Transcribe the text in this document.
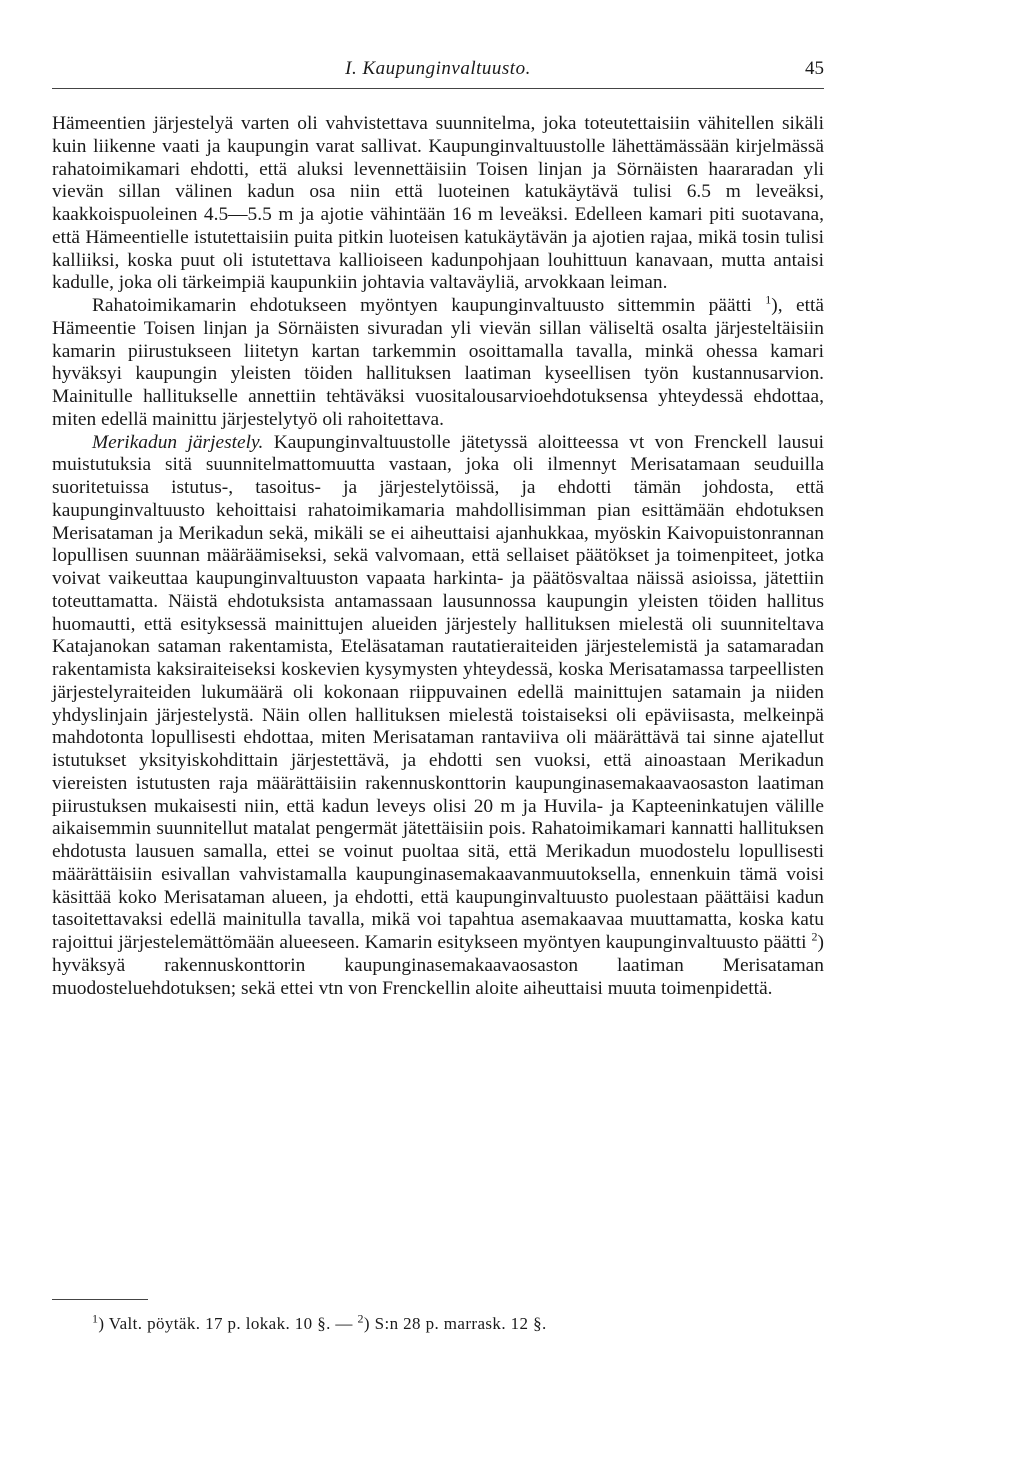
I. Kaupunginvaltuusto.	45

Hämeentien järjestelyä varten oli vahvistettava suunnitelma, joka toteutettaisiin vähitellen sikäli kuin liikenne vaati ja kaupungin varat sallivat. Kaupunginvaltuustolle lähettämässään kirjelmässä rahatoimikamari ehdotti, että aluksi levennettäisiin Toisen linjan ja Sörnäisten haararadan yli vievän sillan välinen kadun osa niin että luoteinen katukäytävä tulisi 6.5 m leveäksi, kaakkoispuoleinen 4.5—5.5 m ja ajotie vähintään 16 m leveäksi. Edelleen kamari piti suotavana, että Hämeentielle istutettaisiin puita pitkin luoteisen katukäytävän ja ajotien rajaa, mikä tosin tulisi kalliiksi, koska puut oli istutettava kallioiseen kadunpohjaan louhittuun kanavaan, mutta antaisi kadulle, joka oli tärkeimpiä kaupunkiin johtavia valtaväyliä, arvokkaan leiman.

Rahatoimikamarin ehdotukseen myöntyen kaupunginvaltuusto sittemmin päätti $^1$), että Hämeentie Toisen linjan ja Sörnäisten sivuradan yli vievän sillan väliseltä osalta järjesteltäisiin kamarin piirustukseen liitetyn kartan tarkemmin osoittamalla tavalla, minkä ohessa kamari hyväksyi kaupungin yleisten töiden hallituksen laatiman kyseellisen työn kustannusarvion. Mainitulle hallitukselle annettiin tehtäväksi vuositalousarvioehdotuksensa yhteydessä ehdottaa, miten edellä mainittu järjestelytyö oli rahoitettava.

Merikadun järjestely. Kaupunginvaltuustolle jätetyssä aloitteessa vt von Frenckell lausui muistutuksia sitä suunnitelmattomuutta vastaan, joka oli ilmennyt Merisatamaan seuduilla suoritetuissa istutus-, tasoitus- ja järjestelytöissä, ja ehdotti tämän johdosta, että kaupunginvaltuusto kehoittaisi rahatoimikamaria mahdollisimman pian esittämään ehdotuksen Merisataman ja Merikadun sekä, mikäli se ei aiheuttaisi ajanhukkaa, myöskin Kaivopuistonrannan lopullisen suunnan määräämiseksi, sekä valvomaan, että sellaiset päätökset ja toimenpiteet, jotka voivat vaikeuttaa kaupunginvaltuuston vapaata harkinta- ja päätösvaltaa näissä asioissa, jätettiin toteuttamatta. Näistä ehdotuksista antamassaan lausunnossa kaupungin yleisten töiden hallitus huomautti, että esityksessä mainittujen alueiden järjestely hallituksen mielestä oli suunniteltava Katajanokan sataman rakentamista, Eteläsataman rautatieraiteiden järjestelemistä ja satamaradan rakentamista kaksiraiteiseksi koskevien kysymysten yhteydessä, koska Merisatamassa tarpeellisten järjestelyraiteiden lukumäärä oli kokonaan riippuvainen edellä mainittujen satamain ja niiden yhdyslinjain järjestelystä. Näin ollen hallituksen mielestä toistaiseksi oli epäviisasta, melkeinpä mahdotonta lopullisesti ehdottaa, miten Merisataman rantaviiva oli määrättävä tai sinne ajatellut istutukset yksityiskohdittain järjestettävä, ja ehdotti sen vuoksi, että ainoastaan Merikadun viereisten istutusten raja määrättäisiin rakennuskonttorin kaupunginasemakaavaosaston laatiman piirustuksen mukaisesti niin, että kadun leveys olisi 20 m ja Huvila- ja Kapteeninkatujen välille aikaisemmin suunnitellut matalat pengermät jätettäisiin pois. Rahatoimikamari kannatti hallituksen ehdotusta lausuen samalla, ettei se voinut puoltaa sitä, että Merikadun muodostelu lopullisesti määrättäisiin esivallan vahvistamalla kaupunginasemakaavanmuutoksella, ennenkuin tämä voisi käsittää koko Merisataman alueen, ja ehdotti, että kaupunginvaltuusto puolestaan päättäisi kadun tasoitettavaksi edellä mainitulla tavalla, mikä voi tapahtua asemakaavaa muuttamatta, koska katu rajoittui järjestelemättömään alueeseen. Kamarin esitykseen myöntyen kaupunginvaltuusto päätti $^2$) hyväksyä rakennuskonttorin kaupunginasemakaavaosaston laatiman Merisataman muodosteluehdotuksen; sekä ettei vtn von Frenckellin aloite aiheuttaisi muuta toimenpidettä.

$^1$) Valt. pöytäk. 17 p. lokak. 10 §. — $^2$) S:n 28 p. marrask. 12 §.
